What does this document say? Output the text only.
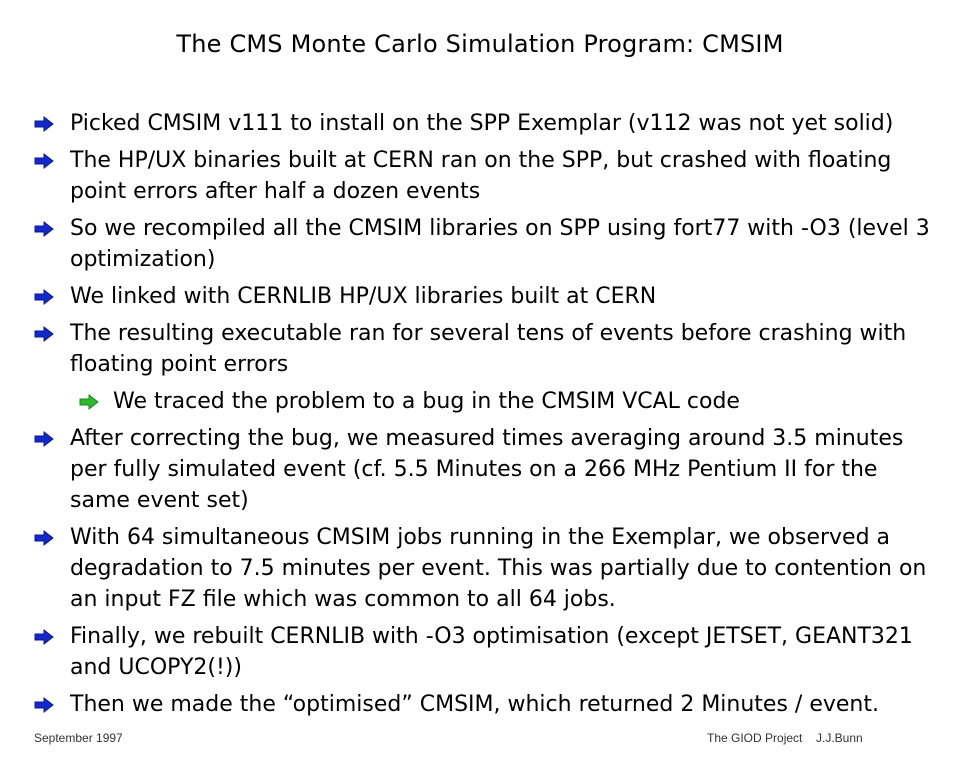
The CMS Monte Carlo Simulation Program: CMSIM
Picked CMSIM v111 to install on the SPP Exemplar (v112 was not yet solid)
The HP/UX binaries built at CERN ran on the SPP, but crashed with floating point errors after half a dozen events
So we recompiled all the CMSIM libraries on SPP using fort77 with -O3 (level 3 optimization)
We linked with CERNLIB HP/UX libraries built at CERN
The resulting executable ran for several tens of events before crashing with floating point errors
We traced the problem to a bug in the CMSIM VCAL code
After correcting the bug, we measured times averaging around 3.5 minutes per fully simulated event (cf. 5.5 Minutes on a 266 MHz Pentium II for the same event set)
With 64 simultaneous CMSIM jobs running in the Exemplar, we observed a degradation to 7.5 minutes per event. This was partially due to contention on an input FZ file which was common to all 64 jobs.
Finally, we rebuilt CERNLIB with -O3 optimisation (except JETSET, GEANT321 and UCOPY2(!))
Then we made the “optimised” CMSIM, which returned 2 Minutes / event.
September 1997	The GIOD Project J.J.Bunn
